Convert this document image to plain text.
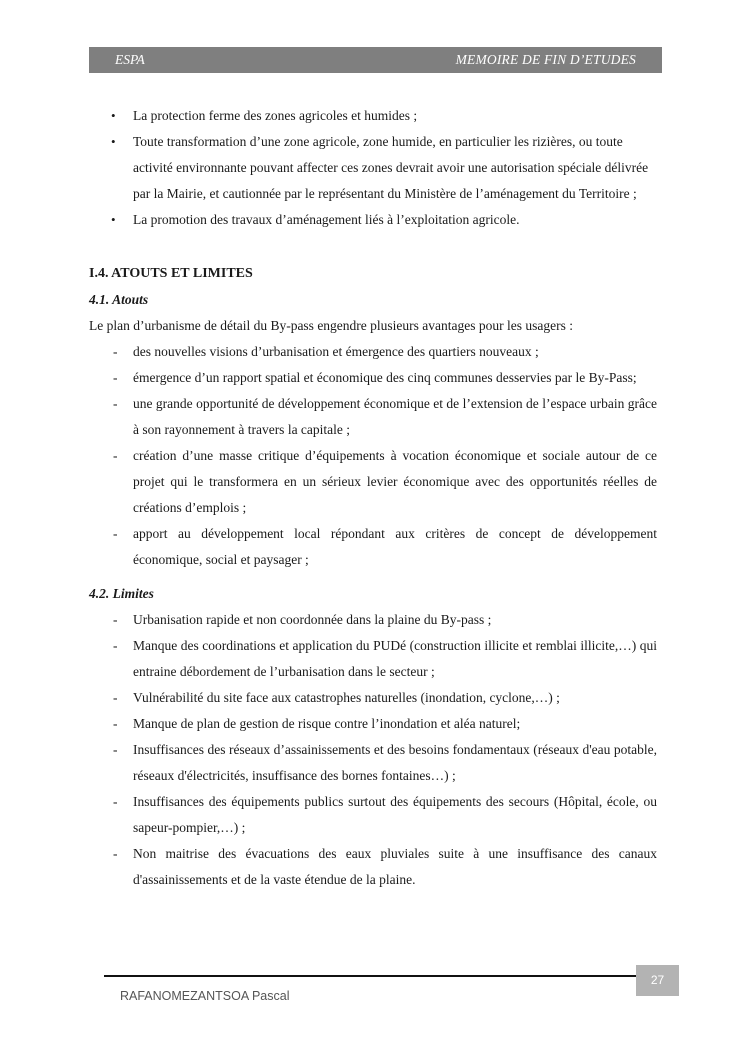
ESPA	MEMOIRE DE FIN D’ETUDES
• La protection ferme des zones agricoles et humides ;
• Toute transformation d’une zone agricole, zone humide, en particulier les rizières, ou toute activité environnante pouvant affecter ces zones devrait avoir une autorisation spéciale délivrée par la Mairie, et cautionnée par le représentant du Ministère de l’aménagement du Territoire ;
• La promotion des travaux d’aménagement liés à l’exploitation agricole.
I.4. ATOUTS ET LIMITES
4.1. Atouts
Le plan d’urbanisme de détail du By-pass engendre plusieurs avantages pour les usagers :
- des nouvelles visions d’urbanisation et émergence des quartiers nouveaux ;
- émergence d’un rapport spatial et économique des cinq communes desservies par le By-Pass;
- une grande opportunité de développement économique et de l’extension de l’espace urbain grâce à son rayonnement à travers la capitale ;
- création d’une masse critique d’équipements à vocation économique et sociale autour de ce projet qui le transformera en un sérieux levier économique avec des opportunités réelles de créations d’emplois ;
- apport au développement local répondant aux critères de concept de développement économique, social et paysager ;
4.2. Limites
- Urbanisation rapide et non coordonnée dans la plaine du By-pass ;
- Manque des coordinations et application du PUDé (construction illicite et remblai illicite,…) qui entraine débordement de l’urbanisation dans le secteur ;
- Vulnérabilité du site face aux catastrophes naturelles (inondation, cyclone,…) ;
- Manque de plan de gestion de risque contre l’inondation et aléa naturel;
- Insuffisances des réseaux d’assainissements et des besoins fondamentaux (réseaux d'eau potable, réseaux d'électricités, insuffisance des bornes fontaines…) ;
- Insuffisances des équipements publics surtout des équipements des secours (Hôpital, école, ou sapeur-pompier,…) ;
- Non maitrise des évacuations des eaux pluviales suite à une insuffisance des canaux d'assainissements et de la vaste étendue de la plaine.
27
RAFANOMEZANTSOA Pascal
